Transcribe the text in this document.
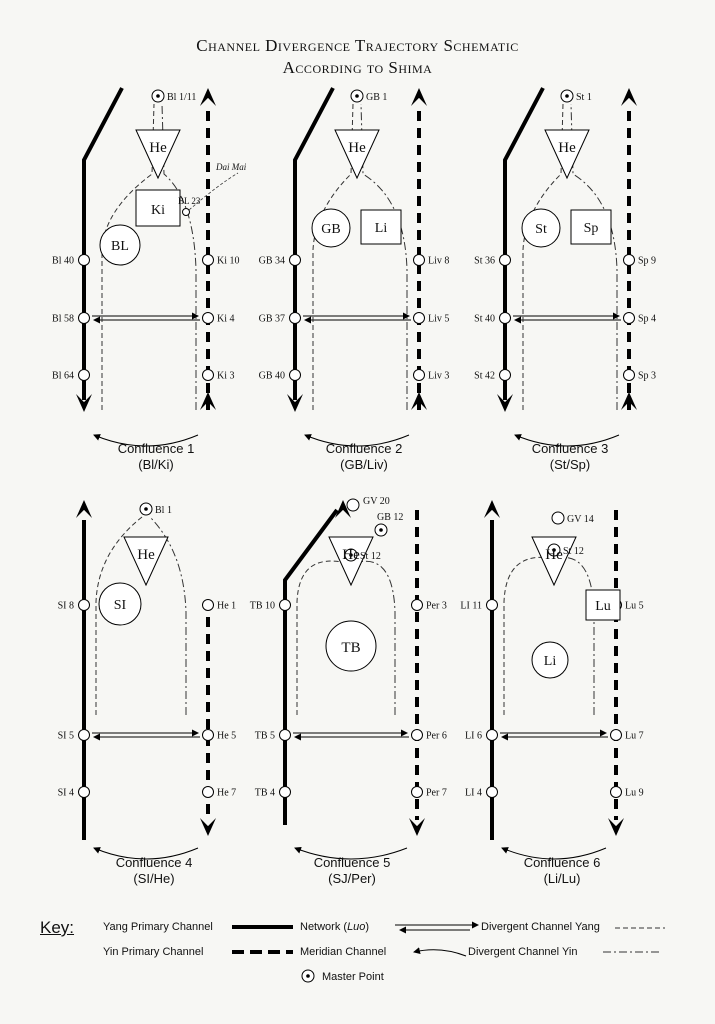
Channel Divergence Trajectory Schematic
According to Shima
Bl 40
Bl 58
Bl 64
Ki 10
Ki 4
Ki 3
He
Bl 1/11
Ki
BL
BL 23
Dai Mai
GB 34
GB 37
GB 40
Liv 8
Liv 5
Liv 3
He
GB 1
GB Li
St 36
St 40
St 42
Sp 9
Sp 4
Sp 3
He
St 1
St	Sp
SI 8
SI 5
SI 4
He 1
He 5
He 7
He
Bl 1
SI	TB 10
TB 5
TB 4
Per 3
Per 6
Per 7
He St 12
TB
GV 20
GB 12
LI 11
LI 6
LI 4
Lu 5
Lu 7
Lu 9
He St 12
Lu
Li
GV 14
Confluence 1
(Bl/Ki)
Confluence 2
(GB/Liv)
Confluence 3
(St/Sp)
Confluence 4
(SI/He)
Confluence 5
(SJ/Per)
Confluence 6
(Li/Lu)
Key:	Yang Primary Channel
Yin Primary Channel
Network (Luo)
Meridian Channel
Divergent Channel Yang
Divergent Channel Yin
Master Point
